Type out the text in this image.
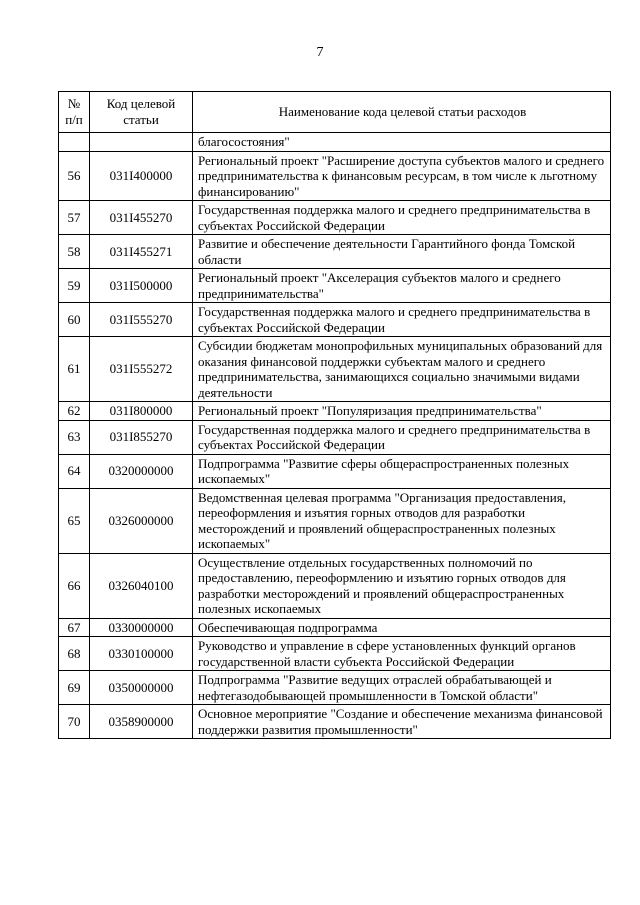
7
№ п/п	Код целевой статьи	Наименование кода целевой статьи расходов
		благосостояния"
56	031I400000	Региональный проект "Расширение доступа субъектов малого и среднего предпринимательства к финансовым ресурсам, в том числе к льготному финансированию"
57	031I455270	Государственная поддержка малого и среднего предпринимательства в субъектах Российской Федерации
58	031I455271	Развитие и обеспечение деятельности Гарантийного фонда Томской области
59	031I500000	Региональный проект "Акселерация субъектов малого и среднего предпринимательства"
60	031I555270	Государственная поддержка малого и среднего предпринимательства в субъектах Российской Федерации
61	031I555272	Субсидии бюджетам монопрофильных муниципальных образований для оказания финансовой поддержки субъектам малого и среднего предпринимательства, занимающихся социально значимыми видами деятельности
62	031I800000	Региональный проект "Популяризация предпринимательства"
63	031I855270	Государственная поддержка малого и среднего предпринимательства в субъектах Российской Федерации
64	0320000000	Подпрограмма "Развитие сферы общераспространенных полезных ископаемых"
65	0326000000	Ведомственная целевая программа "Организация предоставления, переоформления и изъятия горных отводов для разработки месторождений и проявлений общераспространенных полезных ископаемых"
66	0326040100	Осуществление отдельных государственных полномочий по предоставлению, переоформлению и изъятию горных отводов для разработки месторождений и проявлений общераспространенных полезных ископаемых
67	0330000000	Обеспечивающая подпрограмма
68	0330100000	Руководство и управление в сфере установленных функций органов государственной власти субъекта Российской Федерации
69	0350000000	Подпрограмма "Развитие ведущих отраслей обрабатывающей и нефтегазодобывающей промышленности в Томской области"
70	0358900000	Основное мероприятие "Создание и обеспечение механизма финансовой поддержки развития промышленности"
